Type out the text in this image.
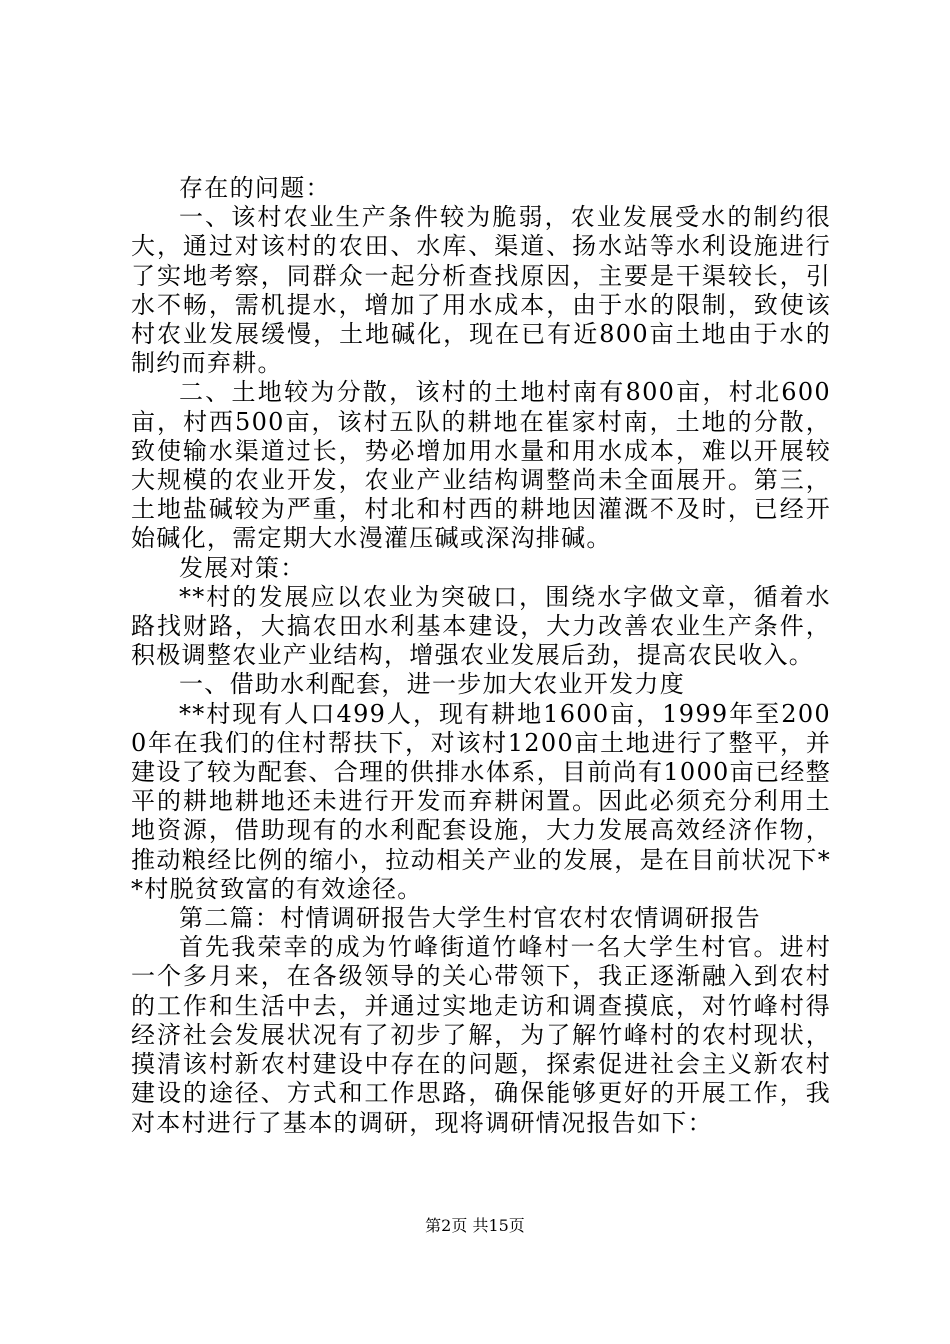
存在的问题：

一、该村农业生产条件较为脆弱，农业发展受水的制约很大，通过对该村的农田、水库、渠道、扬水站等水利设施进行了实地考察，同群众一起分析查找原因，主要是干渠较长，引水不畅，需机提水，增加了用水成本，由于水的限制，致使该村农业发展缓慢，土地碱化，现在已有近800亩土地由于水的制约而弃耕。

二、土地较为分散，该村的土地村南有800亩，村北600亩，村西500亩，该村五队的耕地在崔家村南，土地的分散，致使输水渠道过长，势必增加用水量和用水成本，难以开展较大规模的农业开发，农业产业结构调整尚未全面展开。第三，土地盐碱较为严重，村北和村西的耕地因灌溉不及时，已经开始碱化，需定期大水漫灌压碱或深沟排碱。

发展对策：

**村的发展应以农业为突破口，围绕水字做文章，循着水路找财路，大搞农田水利基本建设，大力改善农业生产条件，积极调整农业产业结构，增强农业发展后劲，提高农民收入。

一、借助水利配套，进一步加大农业开发力度

**村现有人口499人，现有耕地1600亩，1999年至2000年在我们的住村帮扶下，对该村1200亩土地进行了整平，并建设了较为配套、合理的供排水体系，目前尚有1000亩已经整平的耕地耕地还未进行开发而弃耕闲置。因此必须充分利用土地资源，借助现有的水利配套设施，大力发展高效经济作物，推动粮经比例的缩小，拉动相关产业的发展，是在目前状况下**村脱贫致富的有效途径。

第二篇：村情调研报告大学生村官农村农情调研报告

首先我荣幸的成为竹峰街道竹峰村一名大学生村官。进村一个多月来，在各级领导的关心带领下，我正逐渐融入到农村的工作和生活中去，并通过实地走访和调查摸底，对竹峰村得经济社会发展状况有了初步了解，为了解竹峰村的农村现状，摸清该村新农村建设中存在的问题，探索促进社会主义新农村建设的途径、方式和工作思路，确保能够更好的开展工作，我对本村进行了基本的调研，现将调研情况报告如下：

第2页 共15页
